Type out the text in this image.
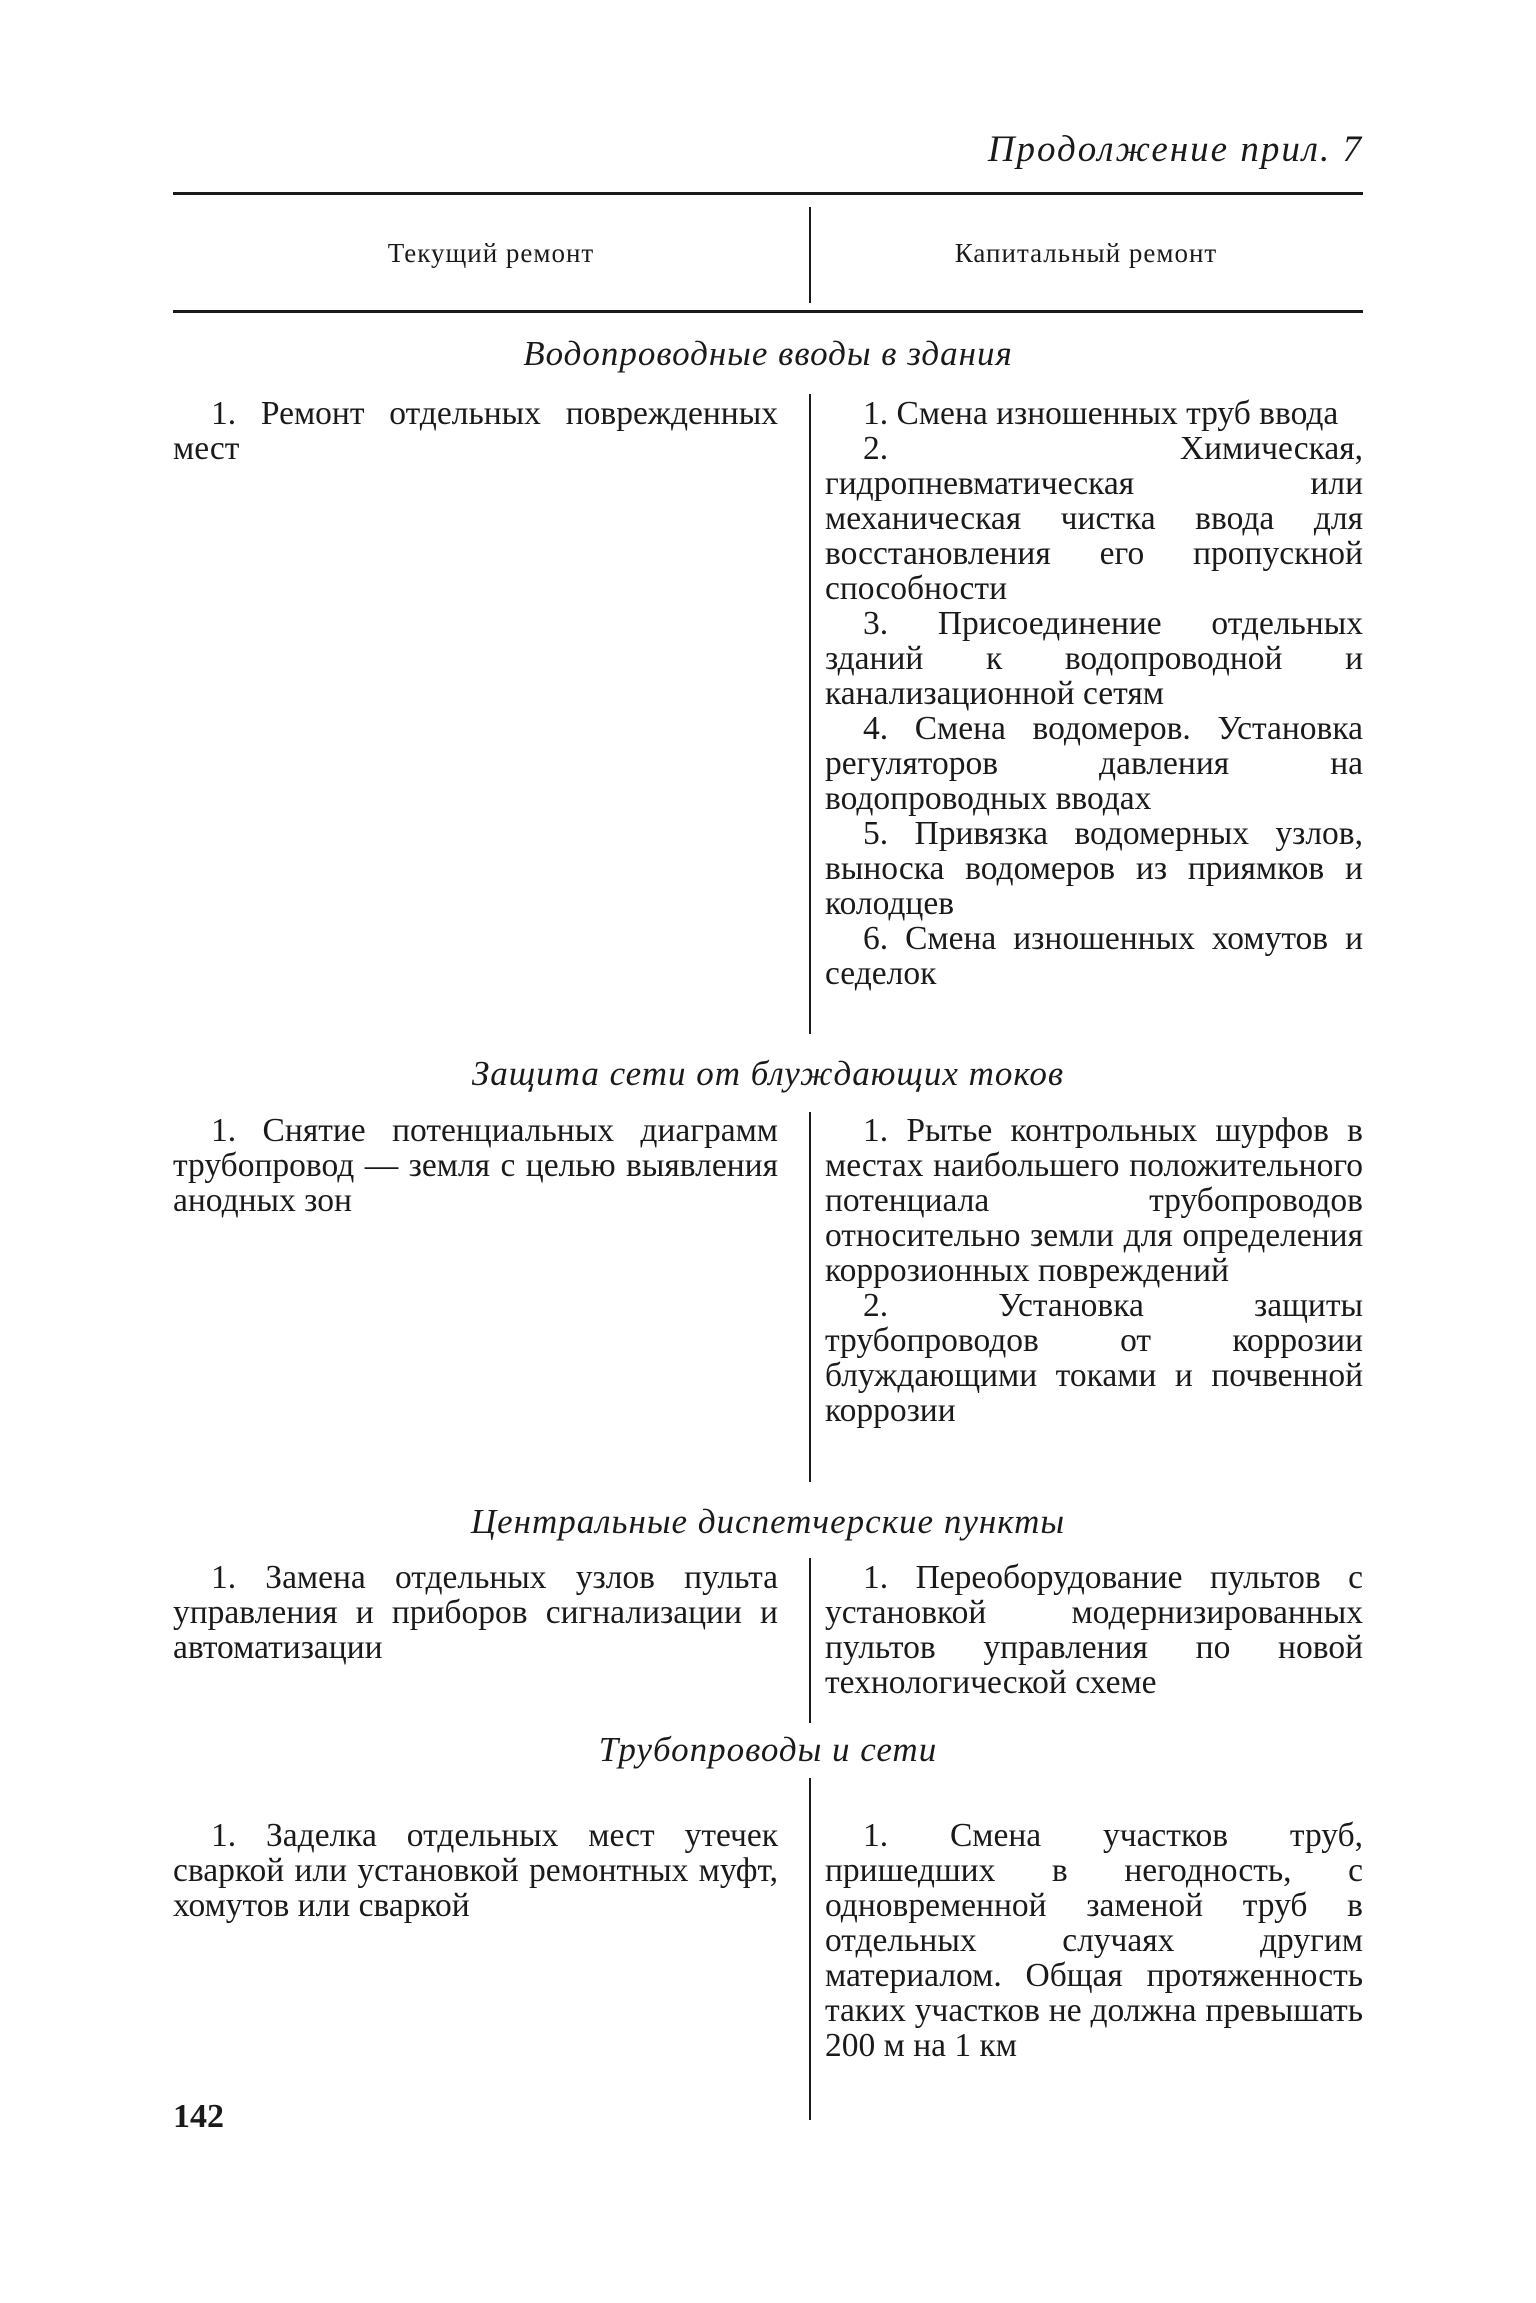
Продолжение прил. 7
Текущий ремонт	Капитальный ремонт
Водопроводные вводы в здания

1. Ремонт отдельных поврежденных мест

1. Смена изношенных труб ввода

2. Химическая, гидропневматическая или механическая чистка ввода для восстановления его пропускной способности

3. Присоединение отдельных зданий к водопроводной и канализационной сетям

4. Смена водомеров. Установка регуляторов давления на водопроводных вводах

5. Привязка водомерных узлов, выноска водомеров из приямков и колодцев

6. Смена изношенных хомутов и седелок

Защита сети от блуждающих токов

1. Снятие потенциальных диаграмм трубопровод — земля с целью выявления анодных зон

1. Рытье контрольных шурфов в местах наибольшего положительного потенциала трубопроводов относительно земли для определения коррозионных повреждений

2. Установка защиты трубопроводов от коррозии блуждающими токами и почвенной коррозии

Центральные диспетчерские пункты

1. Замена отдельных узлов пульта управления и приборов сигнализации и автоматизации

1. Переоборудование пультов с установкой модернизированных пультов управления по новой технологической схеме

Трубопроводы и сети

1. Заделка отдельных мест утечек сваркой или установкой ремонтных муфт, хомутов или сваркой

1. Смена участков труб, пришедших в негодность, с одновременной заменой труб в отдельных случаях другим материалом. Общая протяженность таких участков не должна превышать 200 м на 1 км

142
